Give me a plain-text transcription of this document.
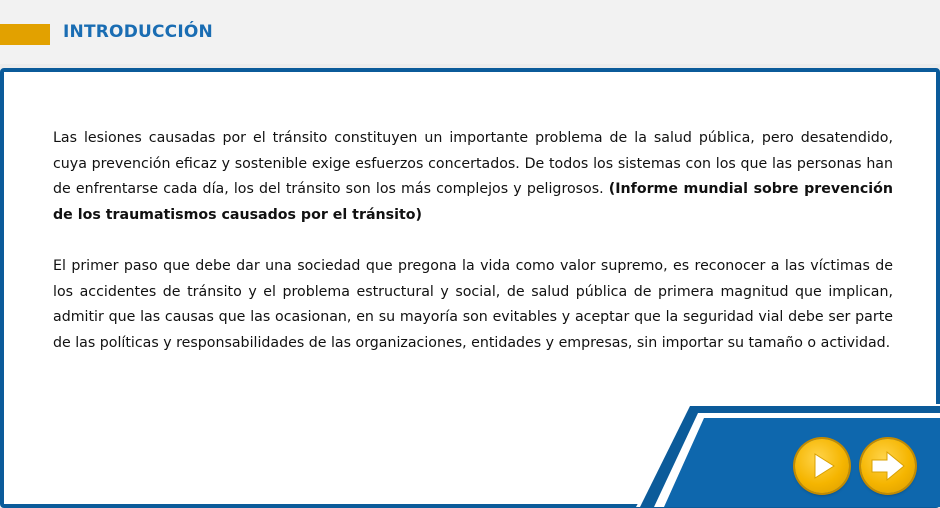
INTRODUCCIÓN

Las lesiones causadas por el tránsito constituyen un importante problema de la salud pública, pero desatendido, cuya prevención eficaz y sostenible exige esfuerzos concertados. De todos los sistemas con los que las personas han de enfrentarse cada día, los del tránsito son los más complejos y peligrosos. (Informe mundial sobre prevención de los traumatismos causados por el tránsito)

El primer paso que debe dar una sociedad que pregona la vida como valor supremo, es reconocer a las víctimas de los accidentes de tránsito y el problema estructural y social, de salud pública de primera magnitud que implican, admitir que las causas que las ocasionan, en su mayoría son evitables y aceptar que la seguridad vial debe ser parte de las políticas y responsabilidades de las organizaciones, entidades y empresas, sin importar su tamaño o actividad.
